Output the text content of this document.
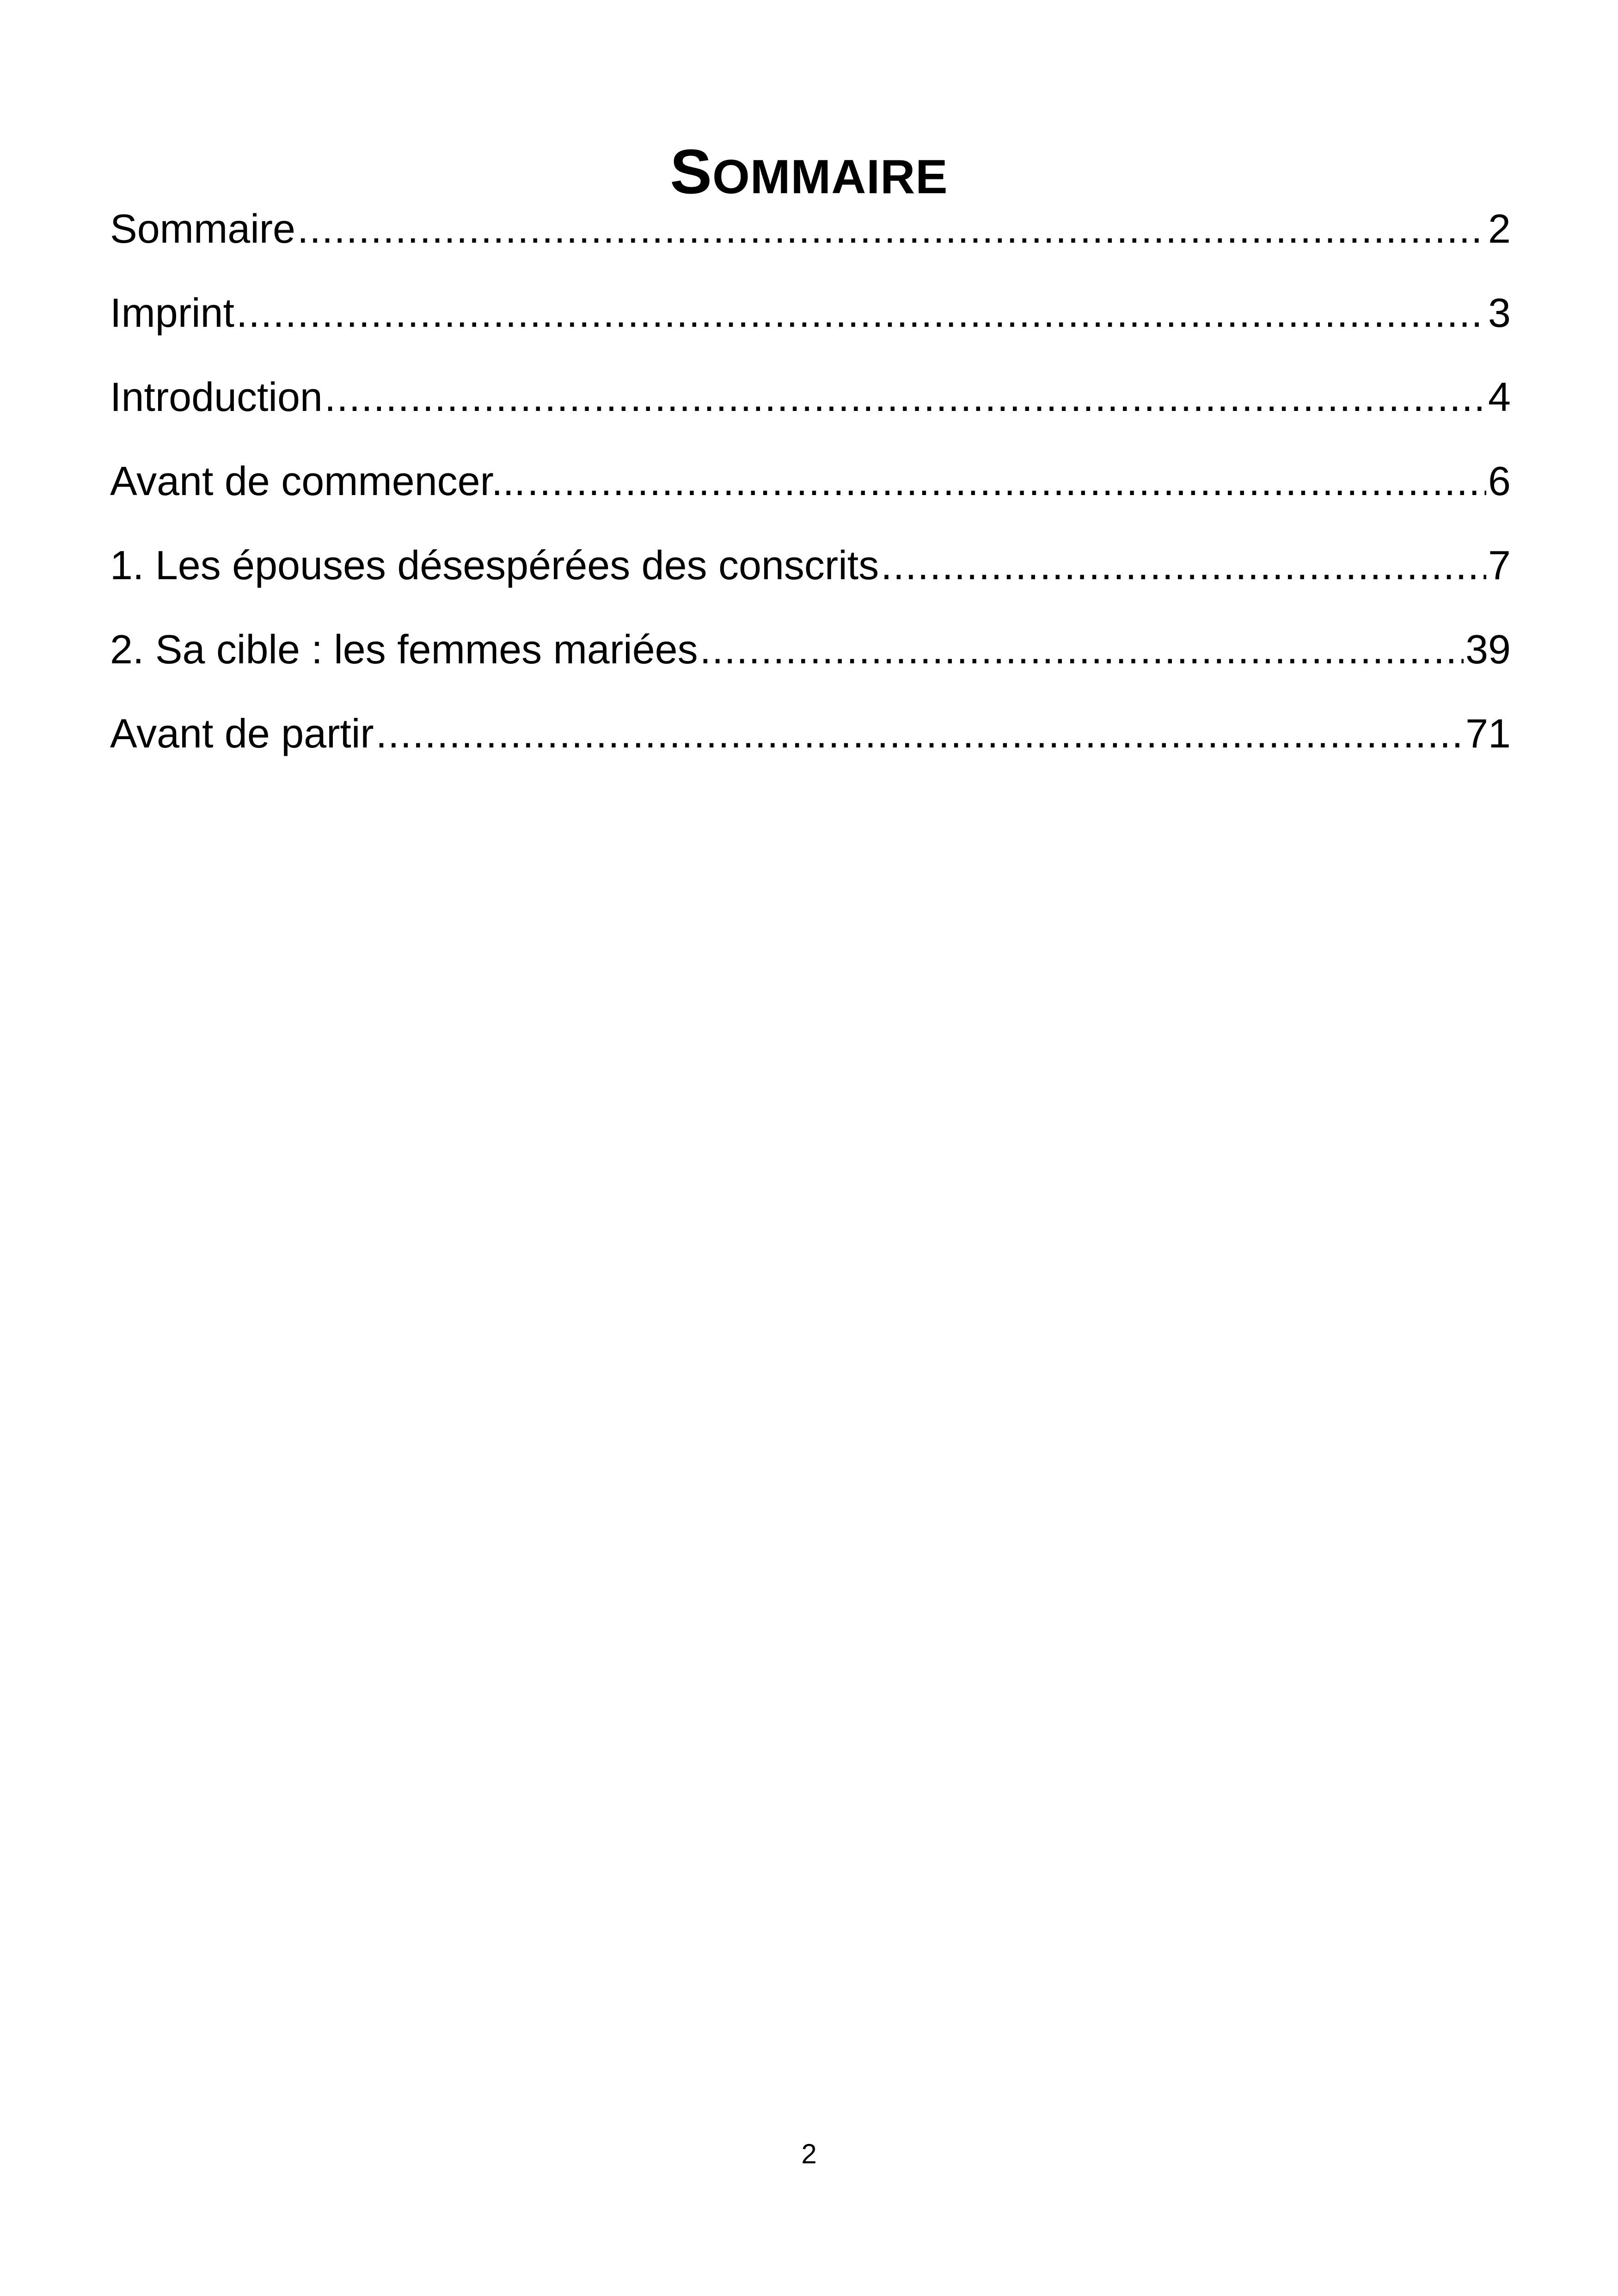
SOMMAIRE
Sommaire .....	2
Imprint .....	3
Introduction .....	4
Avant de commencer... .....	6
1. Les épouses désespérées des conscrits .....	7
2. Sa cible : les femmes mariées .....	39
Avant de partir .....	71
2
